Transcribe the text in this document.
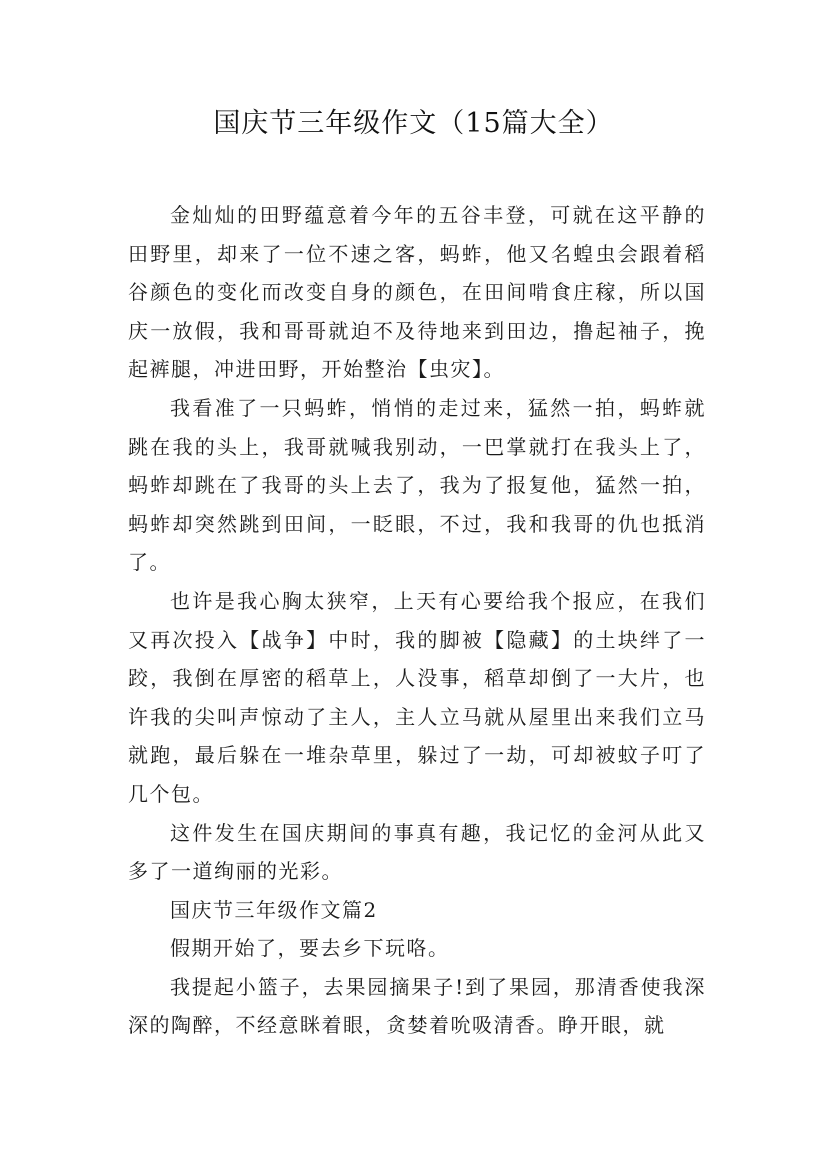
国庆节三年级作文（15篇大全）

金灿灿的田野蕴意着今年的五谷丰登，可就在这平静的田野里，却来了一位不速之客，蚂蚱，他又名蝗虫会跟着稻谷颜色的变化而改变自身的颜色，在田间啃食庄稼，所以国庆一放假，我和哥哥就迫不及待地来到田边，撸起袖子，挽起裤腿，冲进田野，开始整治【虫灾】。

我看准了一只蚂蚱，悄悄的走过来，猛然一拍，蚂蚱就跳在我的头上，我哥就喊我别动，一巴掌就打在我头上了，蚂蚱却跳在了我哥的头上去了，我为了报复他，猛然一拍，蚂蚱却突然跳到田间，一眨眼，不过，我和我哥的仇也抵消了。

也许是我心胸太狭窄，上天有心要给我个报应，在我们又再次投入【战争】中时，我的脚被【隐藏】的土块绊了一跤，我倒在厚密的稻草上，人没事，稻草却倒了一大片，也许我的尖叫声惊动了主人，主人立马就从屋里出来我们立马就跑，最后躲在一堆杂草里，躲过了一劫，可却被蚊子叮了几个包。

这件发生在国庆期间的事真有趣，我记忆的金河从此又多了一道绚丽的光彩。

国庆节三年级作文篇2

假期开始了，要去乡下玩咯。

我提起小篮子，去果园摘果子!到了果园，那清香使我深深的陶醉，不经意眯着眼，贪婪着吮吸清香。睁开眼，就
